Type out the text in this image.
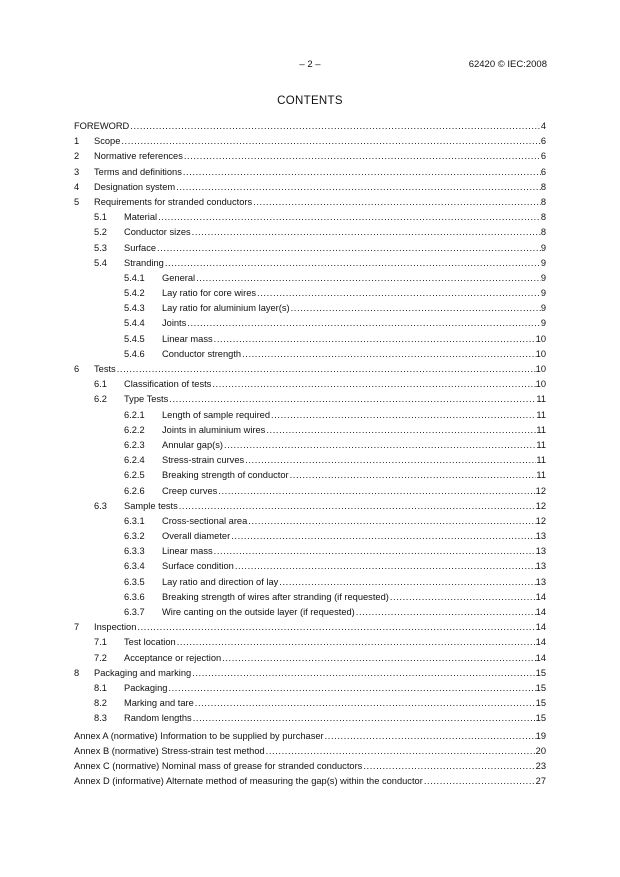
– 2 –	62420 © IEC:2008
CONTENTS
FOREWORD .....	4
1	Scope .....	6
2	Normative references .....	6
3	Terms and definitions .....	6
4	Designation system .....	8
5	Requirements for stranded conductors .....	8
5.1	Material .....	8
5.2	Conductor sizes .....	8
5.3	Surface .....	9
5.4	Stranding .....	9
5.4.1	General .....	9
5.4.2	Lay ratio for core wires .....	9
5.4.3	Lay ratio for aluminium layer(s) .....	9
5.4.4	Joints .....	9
5.4.5	Linear mass .....	10
5.4.6	Conductor strength .....	10
6	Tests .....	10
6.1	Classification of tests .....	10
6.2	Type Tests .....	11
6.2.1	Length of sample required .....	11
6.2.2	Joints in aluminium wires .....	11
6.2.3	Annular gap(s) .....	11
6.2.4	Stress-strain curves .....	11
6.2.5	Breaking strength of conductor .....	11
6.2.6	Creep curves .....	12
6.3	Sample tests .....	12
6.3.1	Cross-sectional area .....	12
6.3.2	Overall diameter .....	13
6.3.3	Linear mass .....	13
6.3.4	Surface condition .....	13
6.3.5	Lay ratio and direction of lay .....	13
6.3.6	Breaking strength of wires after stranding (if requested) .....	14
6.3.7	Wire canting on the outside layer (if requested) .....	14
7	Inspection .....	14
7.1	Test location .....	14
7.2	Acceptance or rejection .....	14
8	Packaging and marking .....	15
8.1	Packaging .....	15
8.2	Marking and tare .....	15
8.3	Random lengths .....	15
Annex A (normative) Information to be supplied by purchaser .....	19
Annex B (normative) Stress-strain test method .....	20
Annex C (normative) Nominal mass of grease for stranded conductors .....	23
Annex D (informative) Alternate method of measuring the gap(s) within the conductor .....	27
